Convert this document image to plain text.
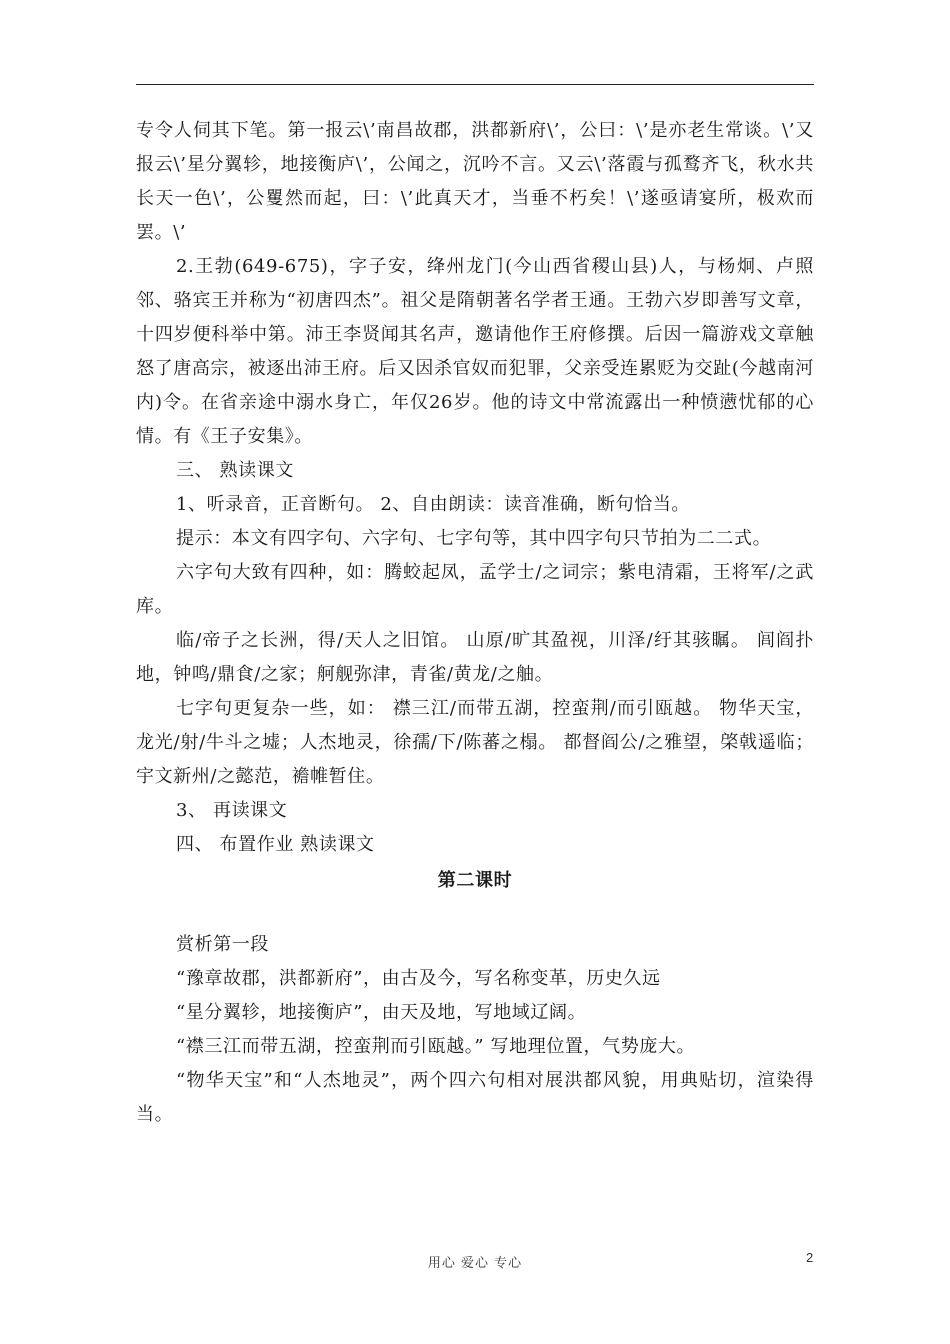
专令人伺其下笔。第一报云\’南昌故郡，洪都新府\’，公曰：\’是亦老生常谈。\’又报云\’星分翼轸，地接衡庐\’，公闻之，沉吟不言。又云\’落霞与孤鹜齐飞，秋水共长天一色\’，公矍然而起，曰：\’此真天才，当垂不朽矣！\’遂亟请宴所，极欢而罢。\’

2.王勃(649-675)，字子安，绛州龙门(今山西省稷山县)人，与杨炯、卢照邻、骆宾王并称为“初唐四杰”。祖父是隋朝著名学者王通。王勃六岁即善写文章，十四岁便科举中第。沛王李贤闻其名声，邀请他作王府修撰。后因一篇游戏文章触怒了唐高宗，被逐出沛王府。后又因杀官奴而犯罪，父亲受连累贬为交趾(今越南河内)令。在省亲途中溺水身亡，年仅26岁。他的诗文中常流露出一种愤懑忧郁的心情。有《王子安集》。

三、 熟读课文

1、听录音，正音断句。 2、自由朗读：读音准确，断句恰当。

提示：本文有四字句、六字句、七字句等，其中四字句只节拍为二二式。

六字句大致有四种，如：腾蛟起凤，孟学士/之词宗；紫电清霜，王将军/之武库。

临/帝子之长洲，得/天人之旧馆。 山原/旷其盈视，川泽/纡其骇瞩。 闾阎扑地，钟鸣/鼎食/之家；舸舰弥津，青雀/黄龙/之舳。

七字句更复杂一些，如： 襟三江/而带五湖，控蛮荆/而引瓯越。 物华天宝，龙光/射/牛斗之墟；人杰地灵，徐孺/下/陈蕃之榻。 都督阎公/之雅望，棨戟遥临；宇文新州/之懿范，襜帷暂住。

3、 再读课文

四、 布置作业 熟读课文

第二课时

赏析第一段

“豫章故郡，洪都新府”，由古及今，写名称变革，历史久远

“星分翼轸，地接衡庐”，由天及地，写地域辽阔。

“襟三江而带五湖，控蛮荆而引瓯越。” 写地理位置，气势庞大。

“物华天宝”和“人杰地灵”，两个四六句相对展洪都风貌，用典贴切，渲染得当。

用心 爱心 专心	2
